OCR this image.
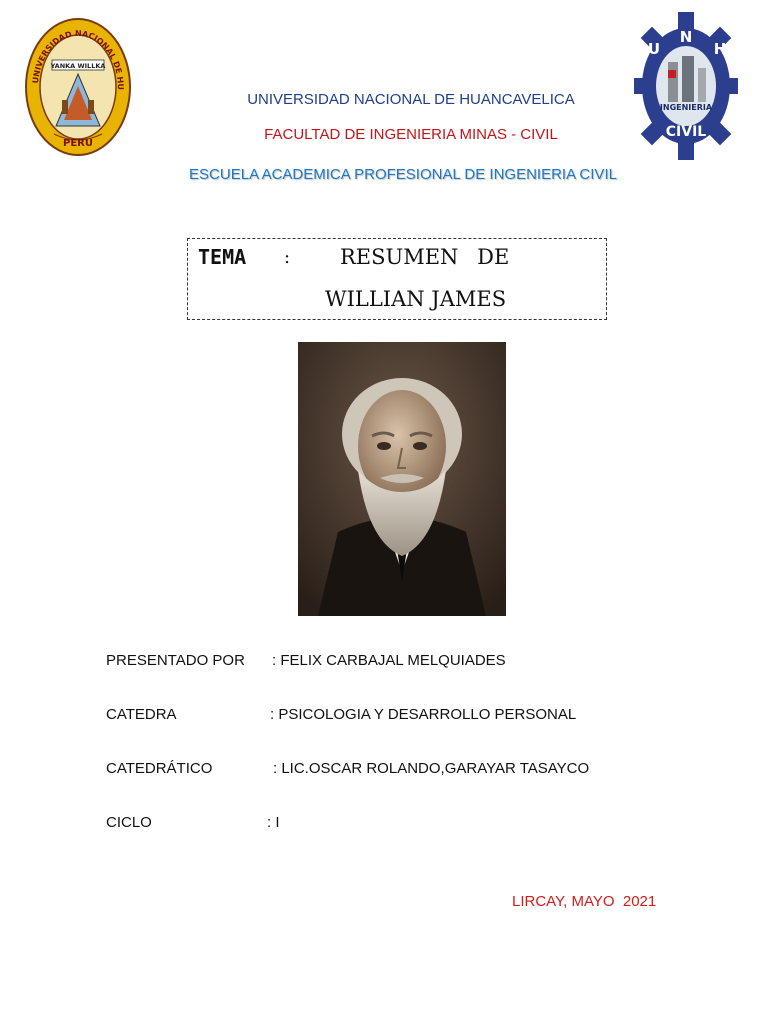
UNIVERSIDAD NACIONAL DE HU
YANKA WILLKA
PERU
INGENIERIA
U
N
H
CIVIL
UNIVERSIDAD NACIONAL DE HUANCAVELICA
FACULTAD DE INGENIERIA MINAS - CIVIL
ESCUELA ACADEMICA PROFESIONAL DE INGENIERIA CIVIL
TEMA : RESUMEN DE
WILLIAN JAMES
PRESENTADO POR : FELIX CARBAJAL MELQUIADES
CATEDRA	: PSICOLOGIA Y DESARROLLO PERSONAL
CATEDRÁTICO	: LIC.OSCAR ROLANDO,GARAYAR TASAYCO
CICLO	: I
LIRCAY, MAYO  2021
